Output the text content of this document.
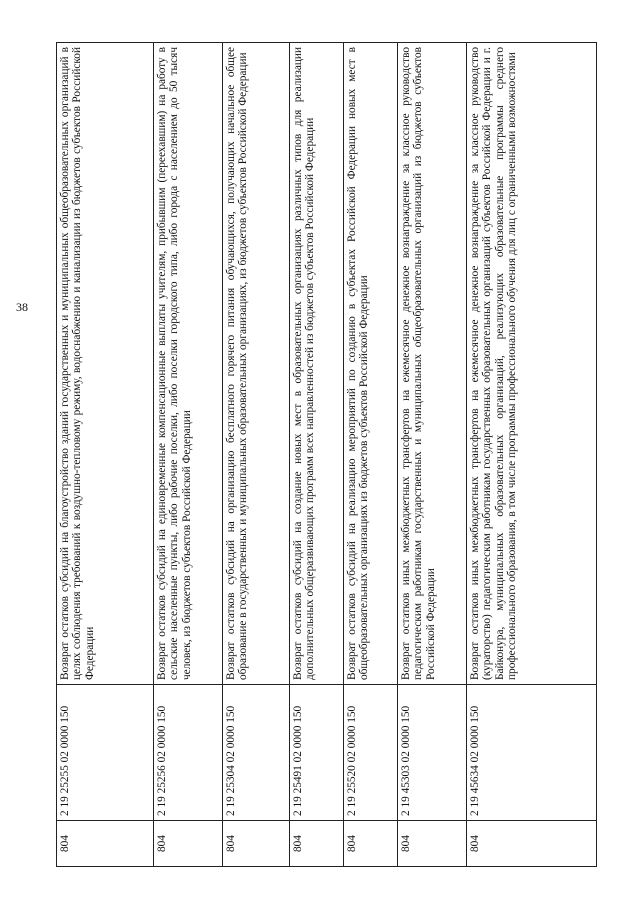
38
804	2 19 25255 02 0000 150	Возврат остатков субсидий на благоустройство зданий государственных и муниципальных общеобразовательных организаций в целях соблюдения требований к воздушно-тепловому режиму, водоснабжению и канализации из бюджетов субъектов Российской Федерации
804	2 19 25256 02 0000 150	Возврат остатков субсидий на единовременные компенсационные выплаты учителям, прибывшим (переехавшим) на работу в сельские населенные пункты, либо рабочие поселки, либо поселки городского типа, либо города с населением до 50 тысяч человек, из бюджетов субъектов Российской Федерации
804	2 19 25304 02 0000 150	Возврат остатков субсидий на организацию бесплатного горячего питания обучающихся, получающих начальное общее образование в государственных и муниципальных образовательных организациях, из бюджетов субъектов Российской Федерации
804	2 19 25491 02 0000 150	Возврат остатков субсидий на создание новых мест в образовательных организациях различных типов для реализации дополнительных общеразвивающих программ всех направленностей из бюджетов субъектов Российской Федерации
804	2 19 25520 02 0000 150	Возврат остатков субсидий на реализацию мероприятий по созданию в субъектах Российской Федерации новых мест в общеобразовательных организациях из бюджетов субъектов Российской Федерации
804	2 19 45303 02 0000 150	Возврат остатков иных межбюджетных трансфертов на ежемесячное денежное вознаграждение за классное руководство педагогическим работникам государственных и муниципальных общеобразовательных организаций из бюджетов субъектов Российской Федерации
804	2 19 45634 02 0000 150	Возврат остатков иных межбюджетных трансфертов на ежемесячное денежное вознаграждение за классное руководство (кураторство) педагогическим работникам государственных образовательных организаций субъектов Российской Федерации и г. Байконура, муниципальных образовательных организаций, реализующих образовательные программы среднего профессионального образования, в том числе программы профессионального обучения для лиц с ограниченными возможностями
